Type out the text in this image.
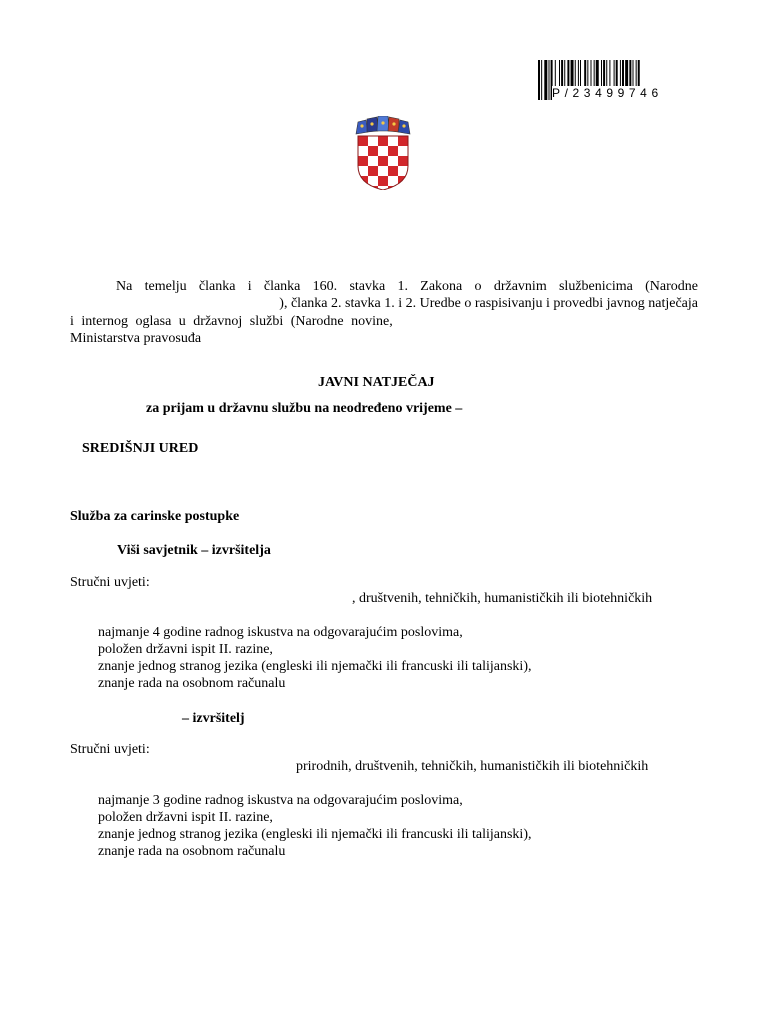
P/23499746
Na temelju članka i članka 160. stavka 1. Zakona o državnim službenicima (Narodne
), članka 2. stavka 1. i 2. Uredbe o raspisivanju i provedbi javnog natječaja
i internog oglasa u državnoj službi (Narodne novine,
Ministarstva pravosuđa
JAVNI NATJEČAJ
za prijam u državnu službu na neodređeno vrijeme –
SREDIŠNJI URED
Služba za carinske postupke
Viši savjetnik – izvršitelja
Stručni uvjeti:
, društvenih, tehničkih, humanističkih ili biotehničkih
najmanje 4 godine radnog iskustva na odgovarajućim poslovima,
položen državni ispit II. razine,
znanje jednog stranog jezika (engleski ili njemački ili francuski ili talijanski),
znanje rada na osobnom računalu
– izvršitelj
Stručni uvjeti:
prirodnih, društvenih, tehničkih, humanističkih ili biotehničkih
najmanje 3 godine radnog iskustva na odgovarajućim poslovima,
položen državni ispit II. razine,
znanje jednog stranog jezika (engleski ili njemački ili francuski ili talijanski),
znanje rada na osobnom računalu
